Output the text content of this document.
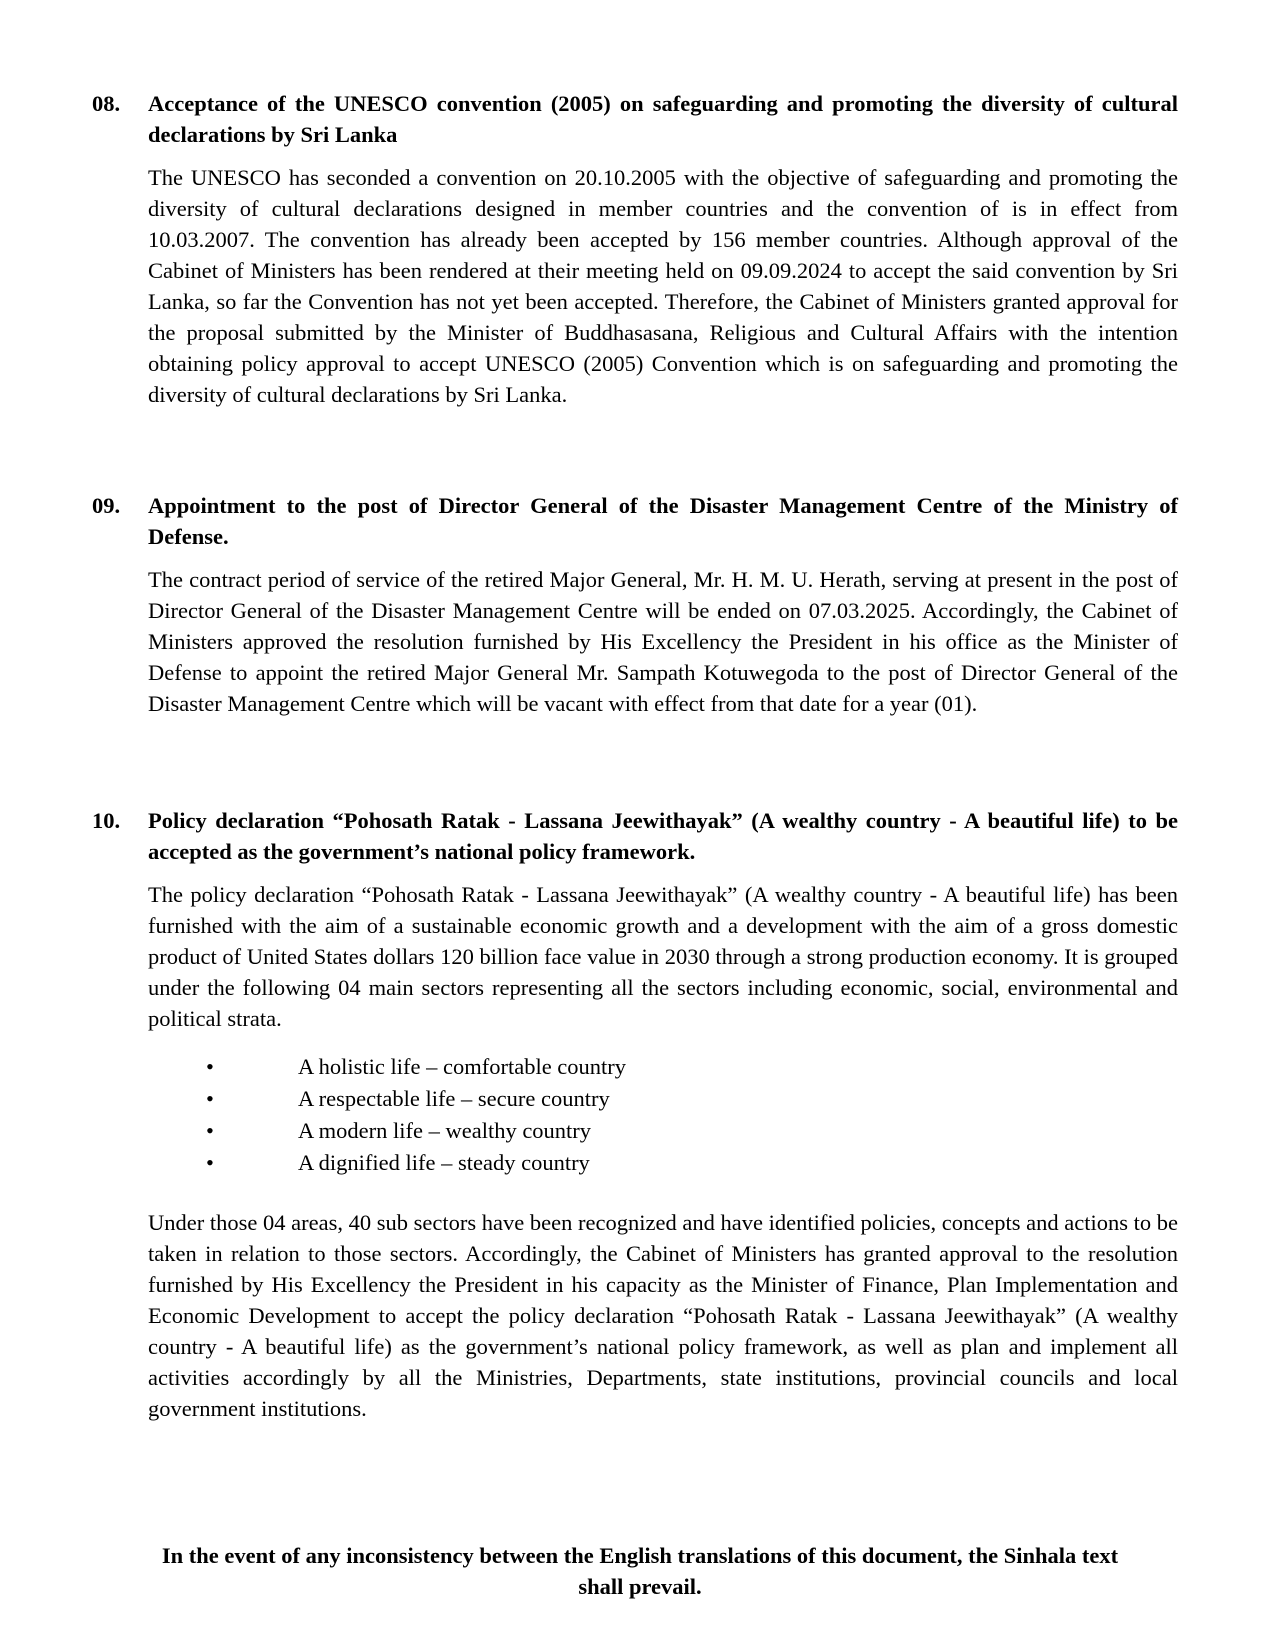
08.	Acceptance of the UNESCO convention (2005) on safeguarding and promoting the diversity of cultural declarations by Sri Lanka

The UNESCO has seconded a convention on 20.10.2005 with the objective of safeguarding and promoting the diversity of cultural declarations designed in member countries and the convention of is in effect from 10.03.2007. The convention has already been accepted by 156 member countries. Although approval of the Cabinet of Ministers has been rendered at their meeting held on 09.09.2024 to accept the said convention by Sri Lanka, so far the Convention has not yet been accepted. Therefore, the Cabinet of Ministers granted approval for the proposal submitted by the Minister of Buddhasasana, Religious and Cultural Affairs with the intention obtaining policy approval to accept UNESCO (2005) Convention which is on safeguarding and promoting the diversity of cultural declarations by Sri Lanka.

09.	Appointment to the post of Director General of the Disaster Management Centre of the Ministry of Defense.

The contract period of service of the retired Major General, Mr. H. M. U. Herath, serving at present in the post of Director General of the Disaster Management Centre will be ended on 07.03.2025. Accordingly, the Cabinet of Ministers approved the resolution furnished by His Excellency the President in his office as the Minister of Defense to appoint the retired Major General Mr. Sampath Kotuwegoda to the post of Director General of the Disaster Management Centre which will be vacant with effect from that date for a year (01).

10.	Policy declaration “Pohosath Ratak - Lassana Jeewithayak” (A wealthy country - A beautiful life) to be accepted as the government’s national policy framework.

The policy declaration “Pohosath Ratak - Lassana Jeewithayak” (A wealthy country - A beautiful life) has been furnished with the aim of a sustainable economic growth and a development with the aim of a gross domestic product of United States dollars 120 billion face value in 2030 through a strong production economy. It is grouped under the following 04 main sectors representing all the sectors including economic, social, environmental and political strata.

•	A holistic life – comfortable country
•	A respectable life – secure country
•	A modern life – wealthy country
•	A dignified life – steady country

Under those 04 areas, 40 sub sectors have been recognized and have identified policies, concepts and actions to be taken in relation to those sectors. Accordingly, the Cabinet of Ministers has granted approval to the resolution furnished by His Excellency the President in his capacity as the Minister of Finance, Plan Implementation and Economic Development to accept the policy declaration “Pohosath Ratak - Lassana Jeewithayak” (A wealthy country - A beautiful life) as the government’s national policy framework, as well as plan and implement all activities accordingly by all the Ministries, Departments, state institutions, provincial councils and local government institutions.

In the event of any inconsistency between the English translations of this document, the Sinhala text shall prevail.
